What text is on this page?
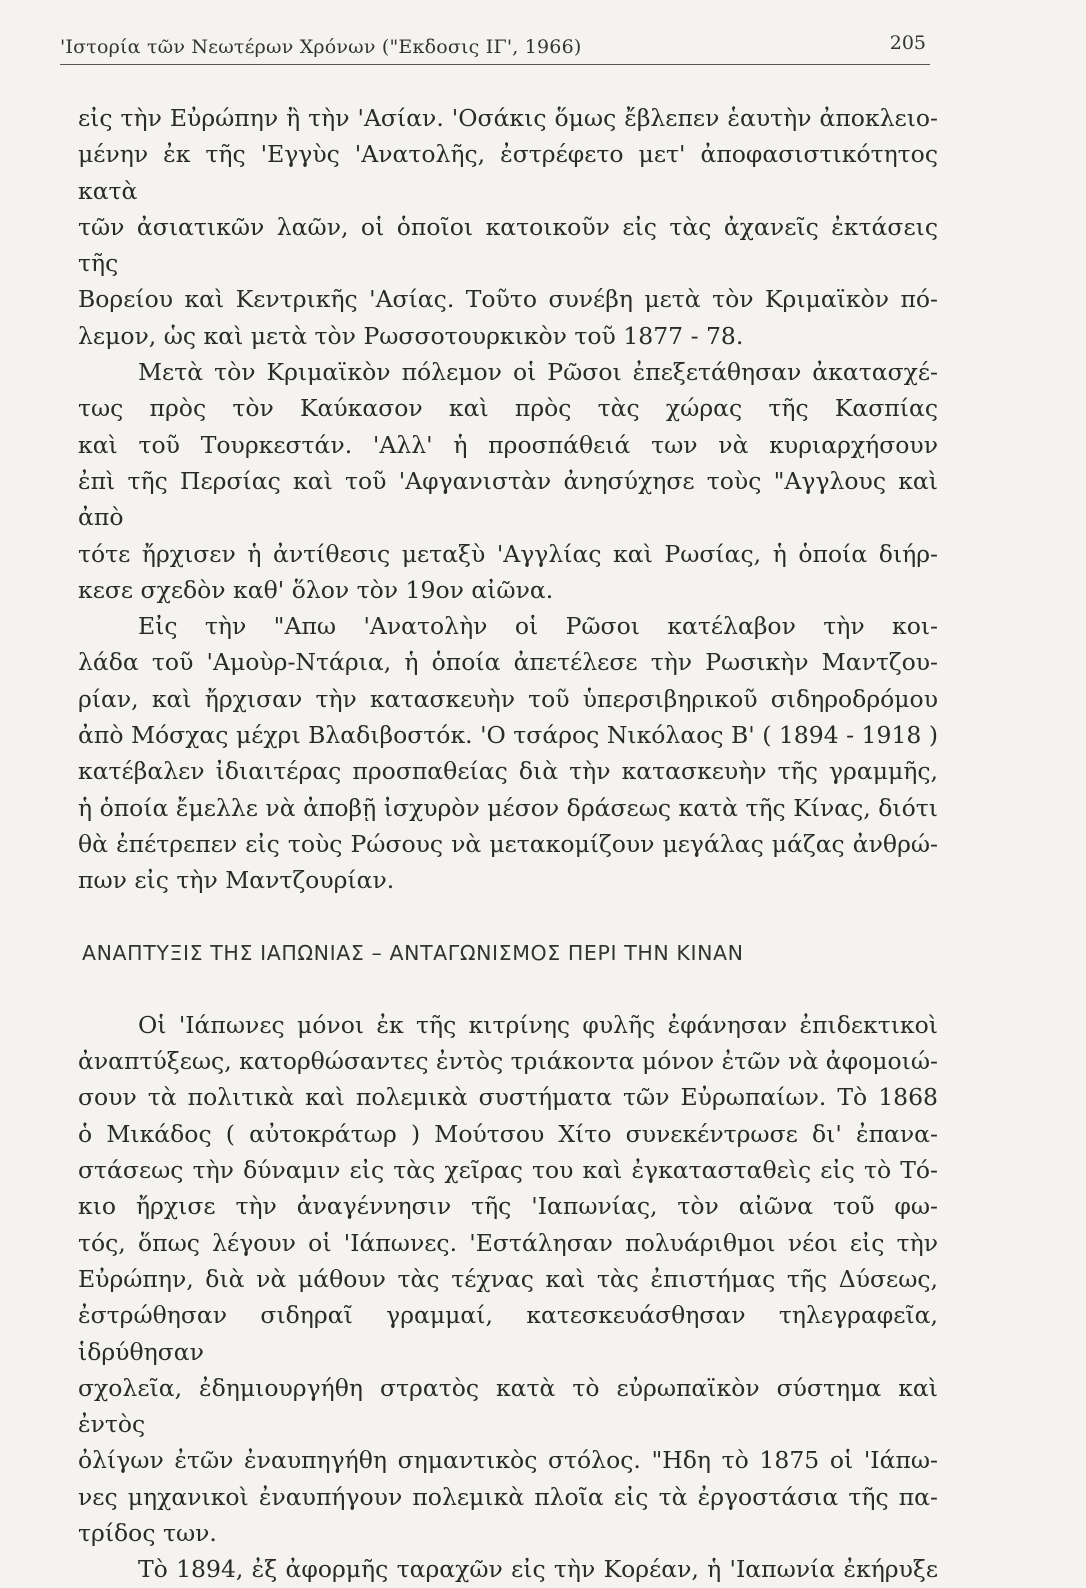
'Ιστορία τῶν Νεωτέρων Χρόνων ("Εκδοσις ΙΓ', 1966)	205
εἰς τὴν Εὐρώπην ἢ τὴν 'Ασίαν. 'Οσάκις ὅμως ἔβλεπεν ἑαυτὴν ἀποκλειο-
μένην ἐκ τῆς 'Εγγὺς 'Ανατολῆς, ἐστρέφετο μετ' ἀποφασιστικότητος κατὰ
τῶν ἀσιατικῶν λαῶν, οἱ ὁποῖοι κατοικοῦν εἰς τὰς ἀχανεῖς ἐκτάσεις τῆς
Βορείου καὶ Κεντρικῆς 'Ασίας. Τοῦτο συνέβη μετὰ τὸν Κριμαϊκὸν πό-
λεμον, ὡς καὶ μετὰ τὸν Ρωσσοτουρκικὸν τοῦ 1877 - 78.
Μετὰ τὸν Κριμαϊκὸν πόλεμον οἱ Ρῶσοι ἐπεξετάθησαν ἀκατασχέ-
τως πρὸς τὸν Καύκασον καὶ πρὸς τὰς χώρας τῆς Κασπίας
καὶ τοῦ Τουρκεστάν. 'Αλλ' ἡ προσπάθειά των νὰ κυριαρχήσουν
ἐπὶ τῆς Περσίας καὶ τοῦ 'Αφγανιστὰν ἀνησύχησε τοὺς "Αγγλους καὶ ἀπὸ
τότε ἤρχισεν ἡ ἀντίθεσις μεταξὺ 'Αγγλίας καὶ Ρωσίας, ἡ ὁποία διήρ-
κεσε σχεδὸν καθ' ὅλον τὸν 19ον αἰῶνα.
Εἰς τὴν "Απω 'Ανατολὴν οἱ Ρῶσοι κατέλαβον τὴν κοι-
λάδα τοῦ 'Αμοὺρ-Ντάρια, ἡ ὁποία ἀπετέλεσε τὴν Ρωσικὴν Μαντζου-
ρίαν, καὶ ἤρχισαν τὴν κατασκευὴν τοῦ ὑπερσιβηρικοῦ σιδηροδρόμου
ἀπὸ Μόσχας μέχρι Βλαδιβοστόκ. 'Ο τσάρος Νικόλαος Β' ( 1894 - 1918 )
κατέβαλεν ἰδιαιτέρας προσπαθείας διὰ τὴν κατασκευὴν τῆς γραμμῆς,
ἡ ὁποία ἔμελλε νὰ ἀποβῇ ἰσχυρὸν μέσον δράσεως κατὰ τῆς Κίνας, διότι
θὰ ἐπέτρεπεν εἰς τοὺς Ρώσους νὰ μετακομίζουν μεγάλας μάζας ἀνθρώ-
πων εἰς τὴν Μαντζουρίαν.
ΑΝΑΠΤΥΞΙΣ ΤΗΣ ΙΑΠΩΝΙΑΣ – ΑΝΤΑΓΩΝΙΣΜΟΣ ΠΕΡΙ ΤΗΝ ΚΙΝΑΝ
Οἱ 'Ιάπωνες μόνοι ἐκ τῆς κιτρίνης φυλῆς ἐφάνησαν ἐπιδεκτικοὶ
ἀναπτύξεως, κατορθώσαντες ἐντὸς τριάκοντα μόνον ἐτῶν νὰ ἀφομοιώ-
σουν τὰ πολιτικὰ καὶ πολεμικὰ συστήματα τῶν Εὐρωπαίων. Τὸ 1868
ὁ Μικάδος ( αὐτοκράτωρ ) Μούτσου Χίτο συνεκέντρωσε δι' ἐπανα-
στάσεως τὴν δύναμιν εἰς τὰς χεῖρας του καὶ ἐγκατασταθεὶς εἰς τὸ Τό-
κιο ἤρχισε τὴν ἀναγέννησιν τῆς 'Ιαπωνίας, τὸν αἰῶνα τοῦ φω-
τός, ὅπως λέγουν οἱ 'Ιάπωνες. 'Εστάλησαν πολυάριθμοι νέοι εἰς τὴν
Εὐρώπην, διὰ νὰ μάθουν τὰς τέχνας καὶ τὰς ἐπιστήμας τῆς Δύσεως,
ἐστρώθησαν σιδηραῖ γραμμαί, κατεσκευάσθησαν τηλεγραφεῖα, ἱδρύθησαν
σχολεῖα, ἐδημιουργήθη στρατὸς κατὰ τὸ εὐρωπαϊκὸν σύστημα καὶ ἐντὸς
ὀλίγων ἐτῶν ἐναυπηγήθη σημαντικὸς στόλος. "Ηδη τὸ 1875 οἱ 'Ιάπω-
νες μηχανικοὶ ἐναυπήγουν πολεμικὰ πλοῖα εἰς τὰ ἐργοστάσια τῆς πα-
τρίδος των.
Τὸ 1894, ἐξ ἀφορμῆς ταραχῶν εἰς τὴν Κορέαν, ἡ 'Ιαπωνία ἐκήρυξε
